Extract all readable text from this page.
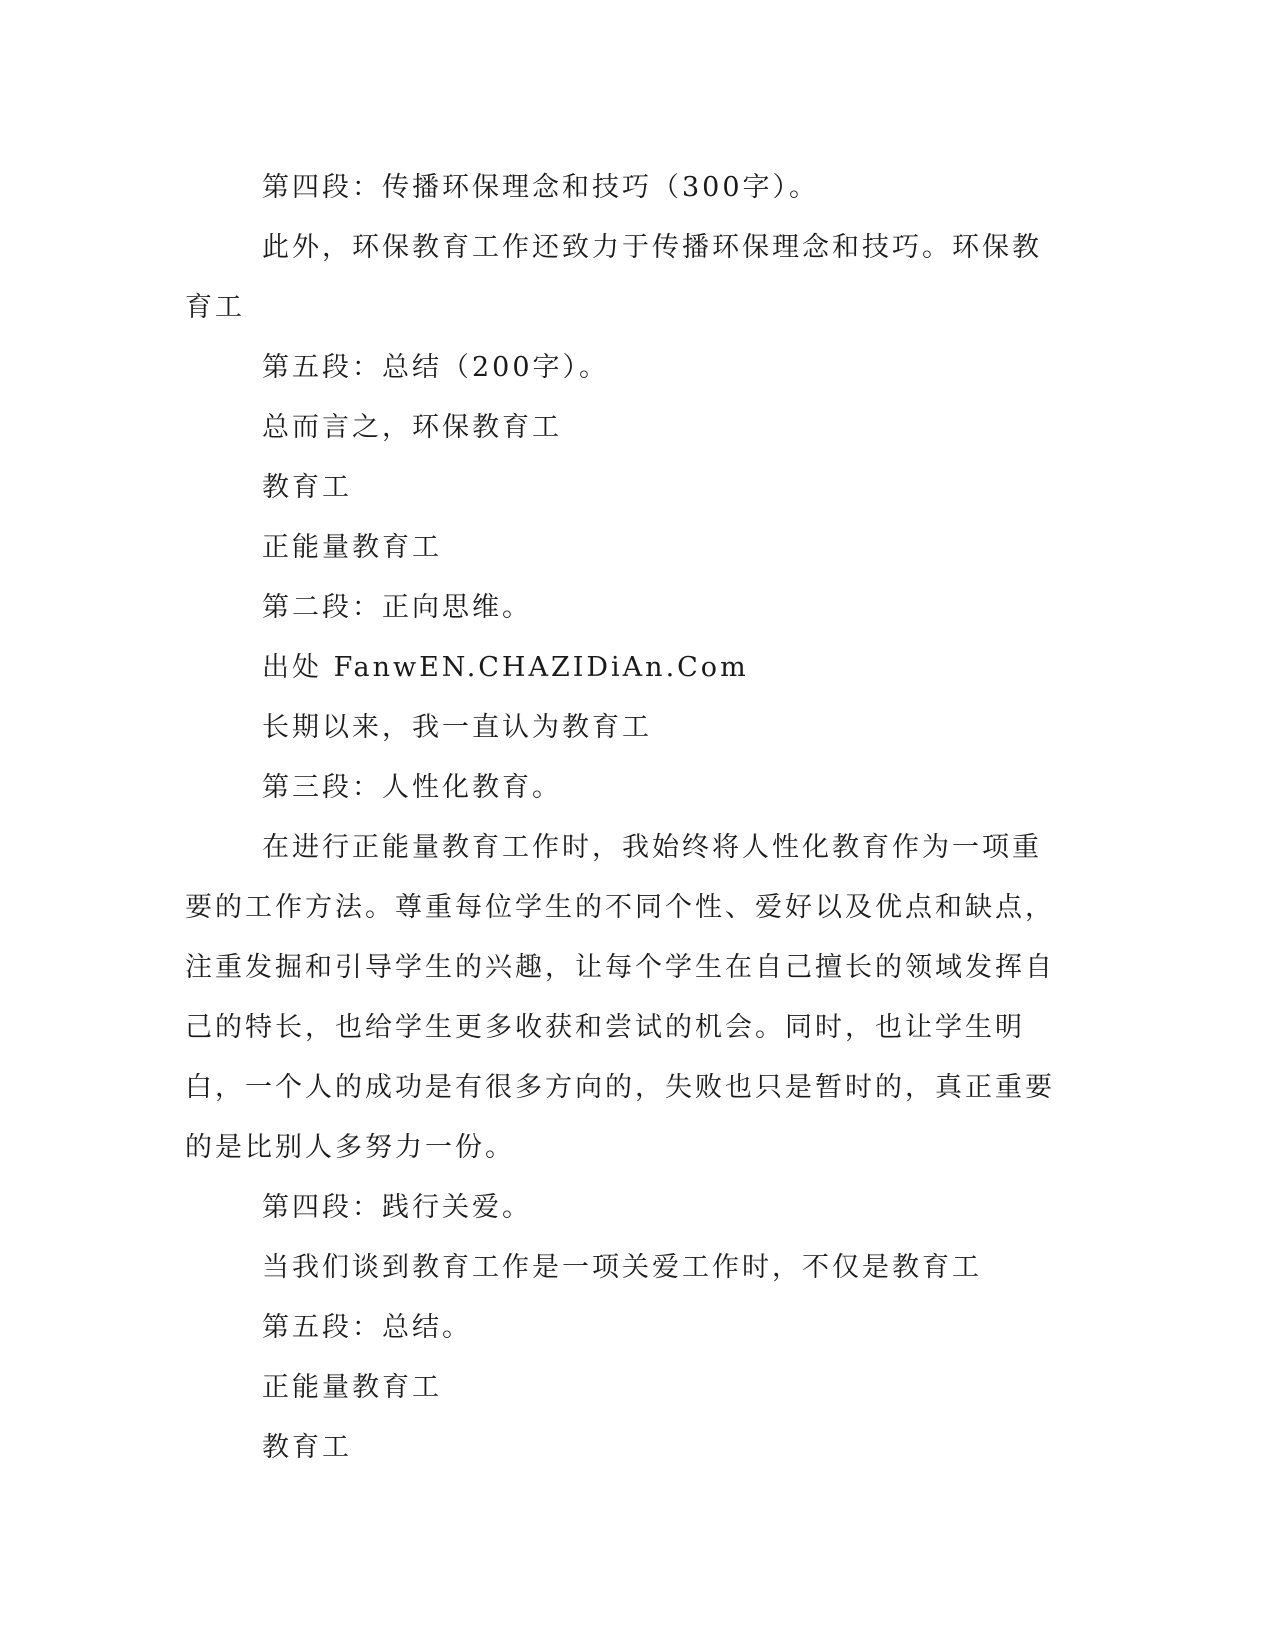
第四段：传播环保理念和技巧（300字）。

此外，环保教育工作还致力于传播环保理念和技巧。环保教育工

第五段：总结（200字）。

总而言之，环保教育工

教育工

正能量教育工

第二段：正向思维。

出处 FanwEN.CHAZIDiAn.Com

长期以来，我一直认为教育工

第三段：人性化教育。

在进行正能量教育工作时，我始终将人性化教育作为一项重要的工作方法。尊重每位学生的不同个性、爱好以及优点和缺点，注重发掘和引导学生的兴趣，让每个学生在自己擅长的领域发挥自己的特长，也给学生更多收获和尝试的机会。同时，也让学生明白，一个人的成功是有很多方向的，失败也只是暂时的，真正重要的是比别人多努力一份。

第四段：践行关爱。

当我们谈到教育工作是一项关爱工作时，不仅是教育工

第五段：总结。

正能量教育工

教育工
